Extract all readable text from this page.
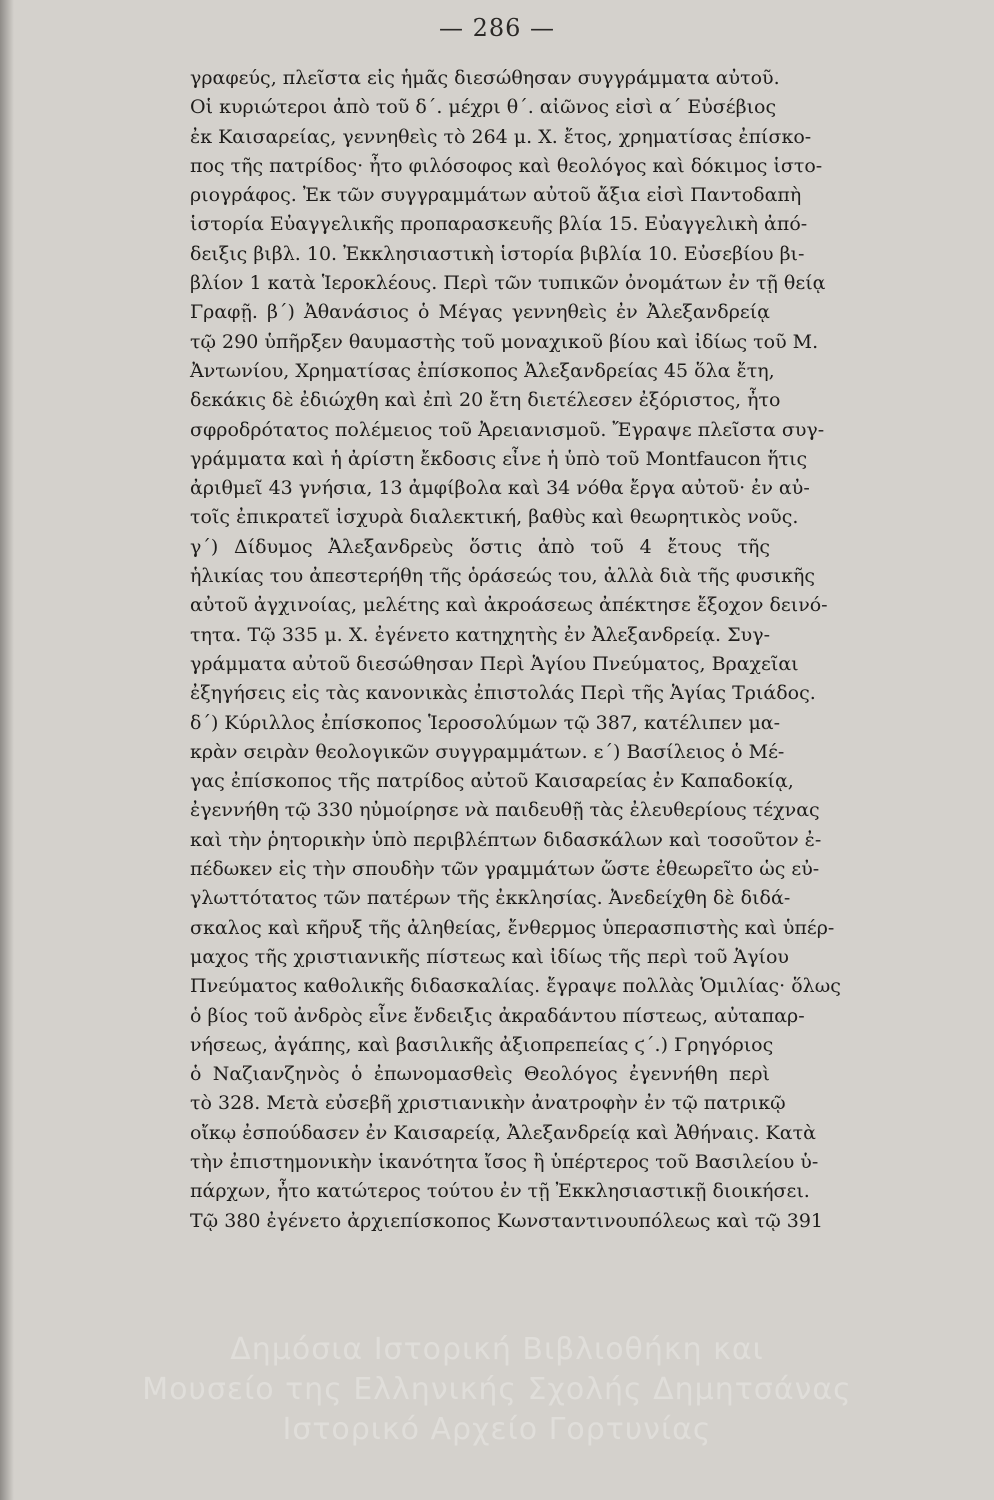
— 286 —
γραφεύς, πλεῖστα εἰς ἡμᾶς διεσώθησαν συγγράμματα αὐτοῦ.
Οἱ κυριώτεροι ἀπὸ τοῦ δ΄. μέχρι θ΄. αἰῶνος εἰσὶ α΄ Εὐσέβιος
ἐκ Καισαρείας, γεννηθεὶς τὸ 264 μ. Χ. ἔτος, χρηματίσας ἐπίσκο-
πος τῆς πατρίδος· ἦτο φιλόσοφος καὶ θεολόγος καὶ δόκιμος ἱστο-
ριογράφος. Ἐκ τῶν συγγραμμάτων αὐτοῦ ἄξια εἰσὶ Παντοδαπὴ
ἱστορία Εὐαγγελικῆς προπαρασκευῆς βλία 15. Εὐαγγελικὴ ἀπό-
δειξις βιβλ. 10. Ἐκκλησιαστικὴ ἱστορία βιβλία 10. Εὐσεβίου βι-
βλίον 1 κατὰ Ἱεροκλέους. Περὶ τῶν τυπικῶν ὀνομάτων ἐν τῇ θείᾳ
Γραφῇ. β΄) Ἀθανάσιος ὁ Μέγας γεννηθεὶς ἐν Ἀλεξανδρείᾳ
τῷ 290 ὑπῆρξεν θαυμαστὴς τοῦ μοναχικοῦ βίου καὶ ἰδίως τοῦ Μ.
Ἀντωνίου, Χρηματίσας ἐπίσκοπος Ἀλεξανδρείας 45 ὅλα ἔτη,
δεκάκις δὲ ἐδιώχθη καὶ ἐπὶ 20 ἔτη διετέλεσεν ἐξόριστος, ἦτο
σφροδρότατος πολέμειος τοῦ Ἀρειανισμοῦ. Ἔγραψε πλεῖστα συγ-
γράμματα καὶ ἡ ἀρίστη ἔκδοσις εἶνε ἡ ὑπὸ τοῦ Montfaucon ἥτις
ἀριθμεῖ 43 γνήσια, 13 ἀμφίβολα καὶ 34 νόθα ἔργα αὐτοῦ· ἐν αὐ-
τοῖς ἐπικρατεῖ ἰσχυρὰ διαλεκτική, βαθὺς καὶ θεωρητικὸς νοῦς.
γ΄) Δίδυμος Ἀλεξανδρεὺς ὅστις ἀπὸ τοῦ 4 ἔτους τῆς
ἡλικίας του ἀπεστερήθη τῆς ὁράσεώς του, ἀλλὰ διὰ τῆς φυσικῆς
αὐτοῦ ἀγχινοίας, μελέτης καὶ ἀκροάσεως ἀπέκτησε ἔξοχον δεινό-
τητα. Τῷ 335 μ. Χ. ἐγένετο κατηχητὴς ἐν Ἀλεξανδρείᾳ. Συγ-
γράμματα αὐτοῦ διεσώθησαν Περὶ Ἁγίου Πνεύματος, Βραχεῖαι
ἐξηγήσεις εἰς τὰς κανονικὰς ἐπιστολάς Περὶ τῆς Ἁγίας Τριάδος.
δ΄) Κύριλλος ἐπίσκοπος Ἱεροσολύμων τῷ 387, κατέλιπεν μα-
κρὰν σειρὰν θεολογικῶν συγγραμμάτων. ε΄) Βασίλειος ὁ Μέ-
γας ἐπίσκοπος τῆς πατρίδος αὐτοῦ Καισαρείας ἐν Καπαδοκίᾳ,
ἐγεννήθη τῷ 330 ηὐμοίρησε νὰ παιδευθῇ τὰς ἐλευθερίους τέχνας
καὶ τὴν ῥητορικὴν ὑπὸ περιβλέπτων διδασκάλων καὶ τοσοῦτον ἐ-
πέδωκεν εἰς τὴν σπουδὴν τῶν γραμμάτων ὥστε ἐθεωρεῖτο ὡς εὐ-
γλωττότατος τῶν πατέρων τῆς ἐκκλησίας. Ἀνεδείχθη δὲ διδά-
σκαλος καὶ κῆρυξ τῆς ἀληθείας, ἔνθερμος ὑπερασπιστὴς καὶ ὑπέρ-
μαχος τῆς χριστιανικῆς πίστεως καὶ ἰδίως τῆς περὶ τοῦ Ἁγίου
Πνεύματος καθολικῆς διδασκαλίας. ἔγραψε πολλὰς Ὁμιλίας· ὅλως
ὁ βίος τοῦ ἀνδρὸς εἶνε ἔνδειξις ἀκραδάντου πίστεως, αὐταπαρ-
νήσεως, ἀγάπης, καὶ βασιλικῆς ἀξιοπρεπείας ϛ΄.) Γρηγόριος
ὁ Ναζιανζηνὸς ὁ ἐπωνομασθεὶς Θεολόγος ἐγεννήθη περὶ
τὸ 328. Μετὰ εὐσεβῆ χριστιανικὴν ἀνατροφὴν ἐν τῷ πατρικῷ
οἴκῳ ἐσπούδασεν ἐν Καισαρείᾳ, Ἀλεξανδρείᾳ καὶ Ἀθήναις. Κατὰ
τὴν ἐπιστημονικὴν ἱκανότητα ἴσος ἢ ὑπέρτερος τοῦ Βασιλείου ὑ-
πάρχων, ἦτο κατώτερος τούτου ἐν τῇ Ἐκκλησιαστικῇ διοικήσει.
Τῷ 380 ἐγένετο ἀρχιεπίσκοπος Κωνσταντινουπόλεως καὶ τῷ 391
Δημόσια Ιστορική Βιβλιοθήκη και
Μουσείο της Ελληνικής Σχολής Δημητσάνας
Ιστορικό Αρχείο Γορτυνίας
